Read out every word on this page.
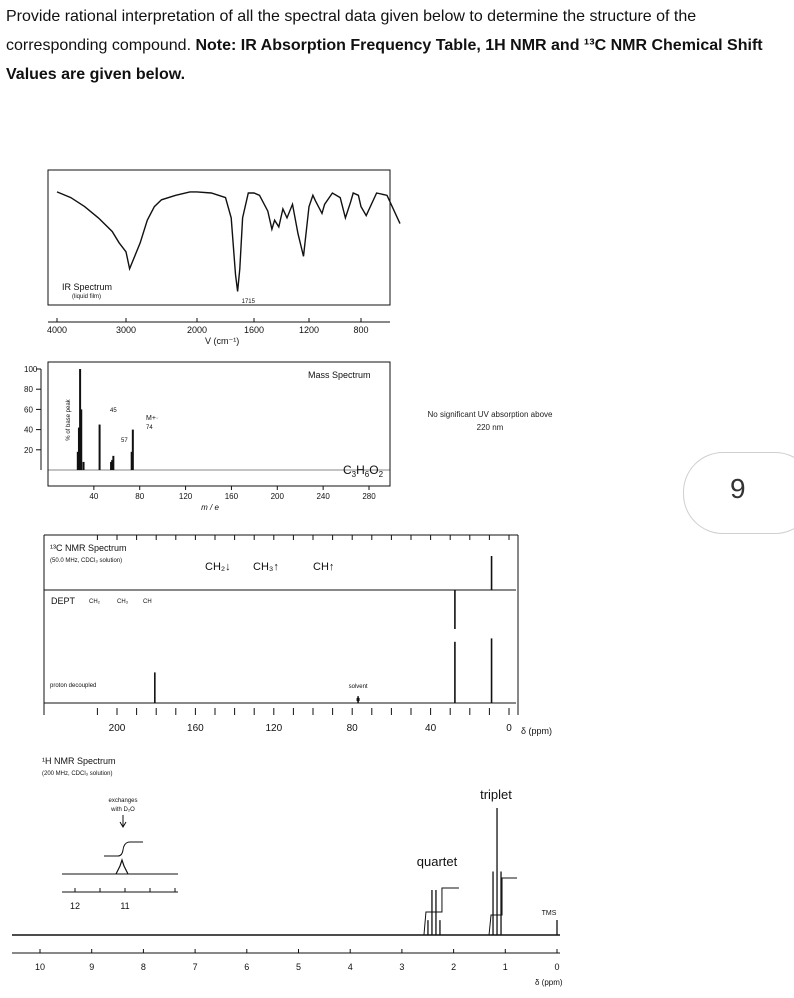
Provide rational interpretation of all the spectral data given below to determine the structure of the corresponding compound. Note: IR Absorption Frequency Table, 1H NMR and ¹³C NMR Chemical Shift Values are given below.
4000	3000	2000	1600	1200	800
V (cm⁻¹)
IR Spectrum
(liquid film)
1715
20
40
60
80
100
% of base peak
40	80	120	160	200	240	280
m / e
Mass Spectrum
$C_3H_6O_2$
45
57
M+·
74
¹³C NMR Spectrum
(50.0 MHz, CDCl₃ solution)	CH₂↓ CH₃↑	CH↑
DEPT CH₂	CH₃ CH
proton decoupled	solvent
200	160	120	80	40	0 δ (ppm)
¹H NMR Spectrum
(200 MHz, CDCl₃ solution)
exchanges
with D₂O
12	11
10	9	8	7	6	5	4	3	2	1	0
δ (ppm)
TMS
quartet
triplet
No significant UV absorption above 220 nm
9
